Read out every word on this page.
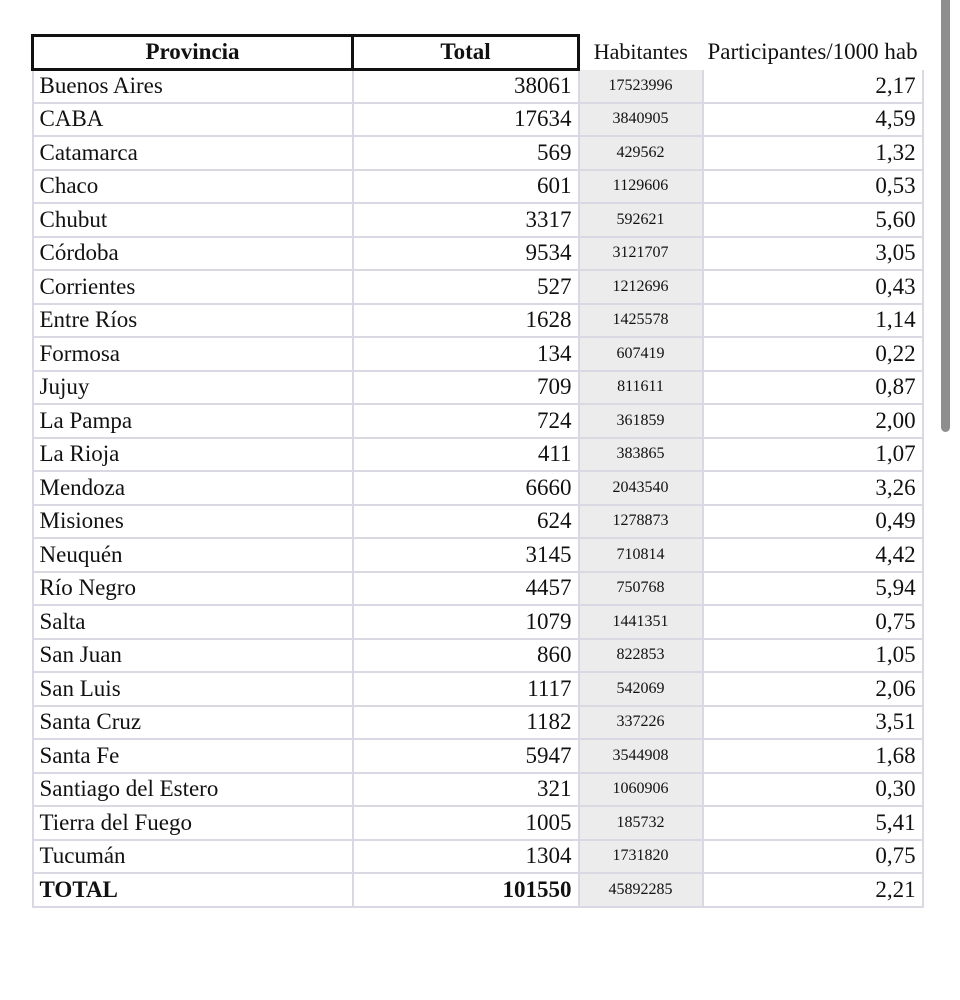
Provincia	Total	Habitantes	Participantes/1000 hab
Buenos Aires	38061	17523996	2,17
CABA	17634	3840905	4,59
Catamarca	569	429562	1,32
Chaco	601	1129606	0,53
Chubut	3317	592621	5,60
Córdoba	9534	3121707	3,05
Corrientes	527	1212696	0,43
Entre Ríos	1628	1425578	1,14
Formosa	134	607419	0,22
Jujuy	709	811611	0,87
La Pampa	724	361859	2,00
La Rioja	411	383865	1,07
Mendoza	6660	2043540	3,26
Misiones	624	1278873	0,49
Neuquén	3145	710814	4,42
Río Negro	4457	750768	5,94
Salta	1079	1441351	0,75
San Juan	860	822853	1,05
San Luis	1117	542069	2,06
Santa Cruz	1182	337226	3,51
Santa Fe	5947	3544908	1,68
Santiago del Estero	321	1060906	0,30
Tierra del Fuego	1005	185732	5,41
Tucumán	1304	1731820	0,75
TOTAL	101550	45892285	2,21
